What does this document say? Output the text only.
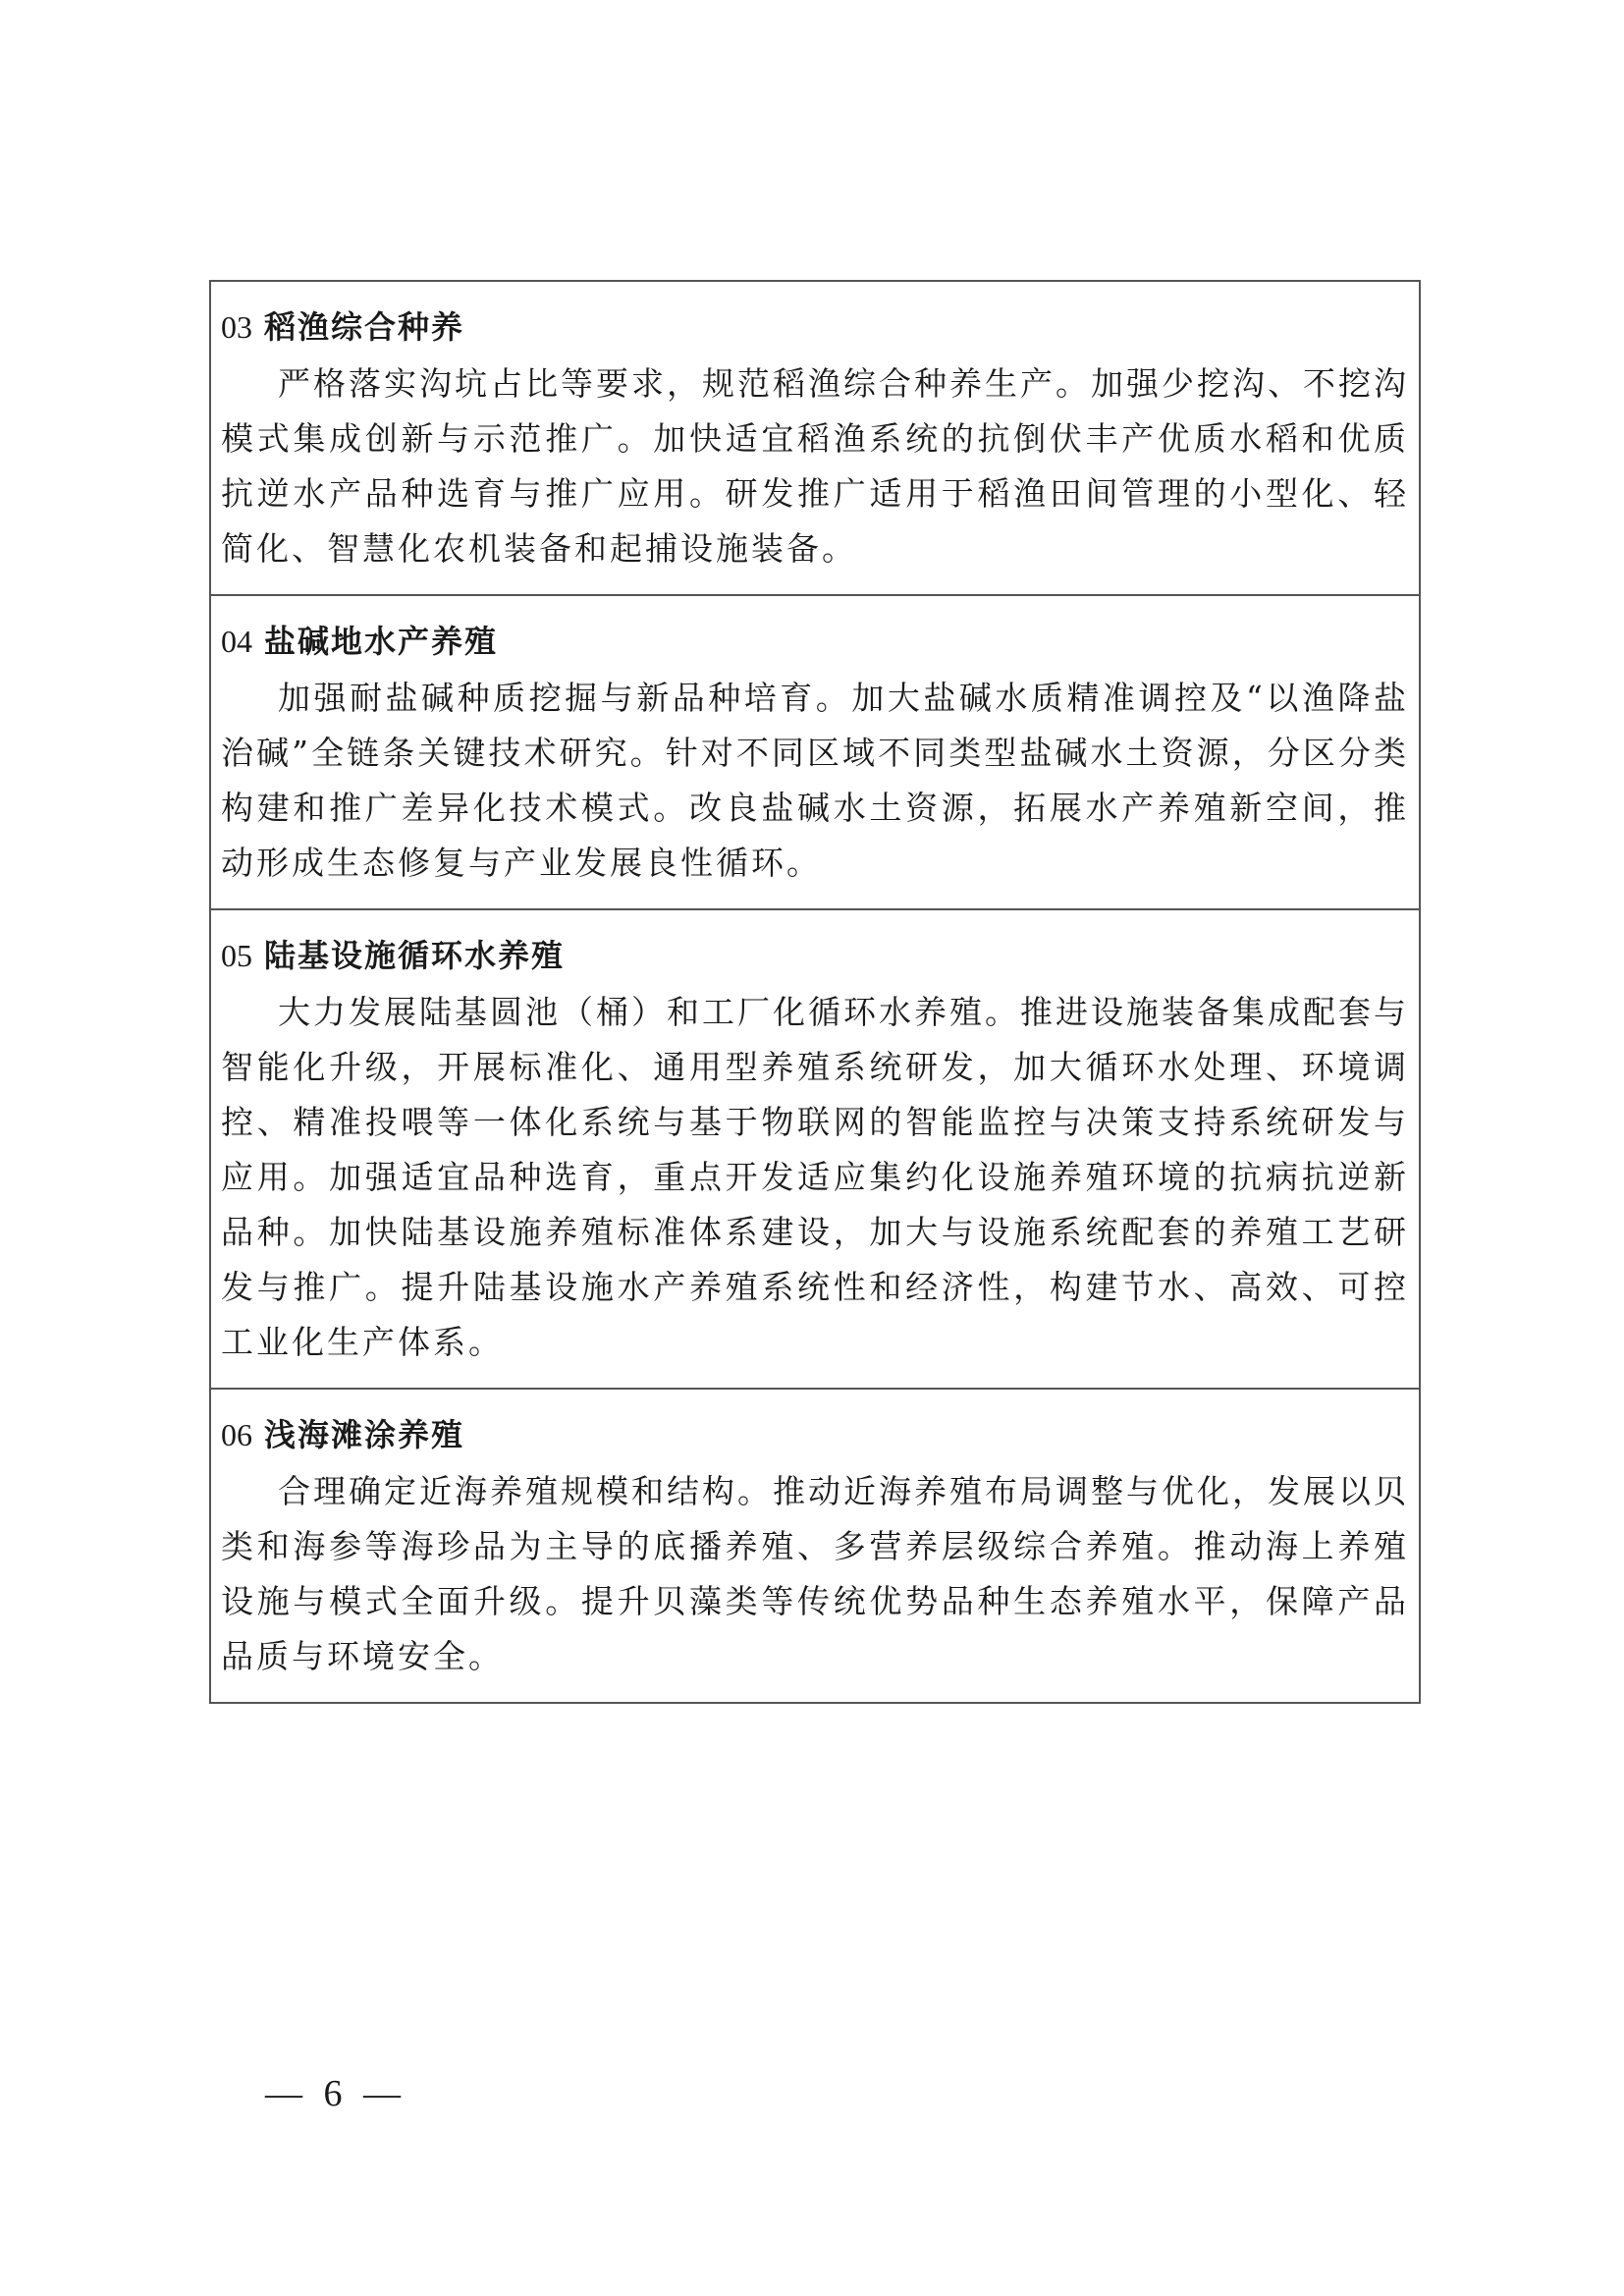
03 稻渔综合种养

严格落实沟坑占比等要求，规范稻渔综合种养生产。加强少挖沟、不挖沟模式集成创新与示范推广。加快适宜稻渔系统的抗倒伏丰产优质水稻和优质抗逆水产品种选育与推广应用。研发推广适用于稻渔田间管理的小型化、轻简化、智慧化农机装备和起捕设施装备。

04 盐碱地水产养殖

加强耐盐碱种质挖掘与新品种培育。加大盐碱水质精准调控及“以渔降盐治碱”全链条关键技术研究。针对不同区域不同类型盐碱水土资源，分区分类构建和推广差异化技术模式。改良盐碱水土资源，拓展水产养殖新空间，推动形成生态修复与产业发展良性循环。

05 陆基设施循环水养殖

大力发展陆基圆池（桶）和工厂化循环水养殖。推进设施装备集成配套与智能化升级，开展标准化、通用型养殖系统研发，加大循环水处理、环境调控、精准投喂等一体化系统与基于物联网的智能监控与决策支持系统研发与应用。加强适宜品种选育，重点开发适应集约化设施养殖环境的抗病抗逆新品种。加快陆基设施养殖标准体系建设，加大与设施系统配套的养殖工艺研发与推广。提升陆基设施水产养殖系统性和经济性，构建节水、高效、可控工业化生产体系。

06 浅海滩涂养殖

合理确定近海养殖规模和结构。推动近海养殖布局调整与优化，发展以贝类和海参等海珍品为主导的底播养殖、多营养层级综合养殖。推动海上养殖设施与模式全面升级。提升贝藻类等传统优势品种生态养殖水平，保障产品品质与环境安全。

— 6 —
